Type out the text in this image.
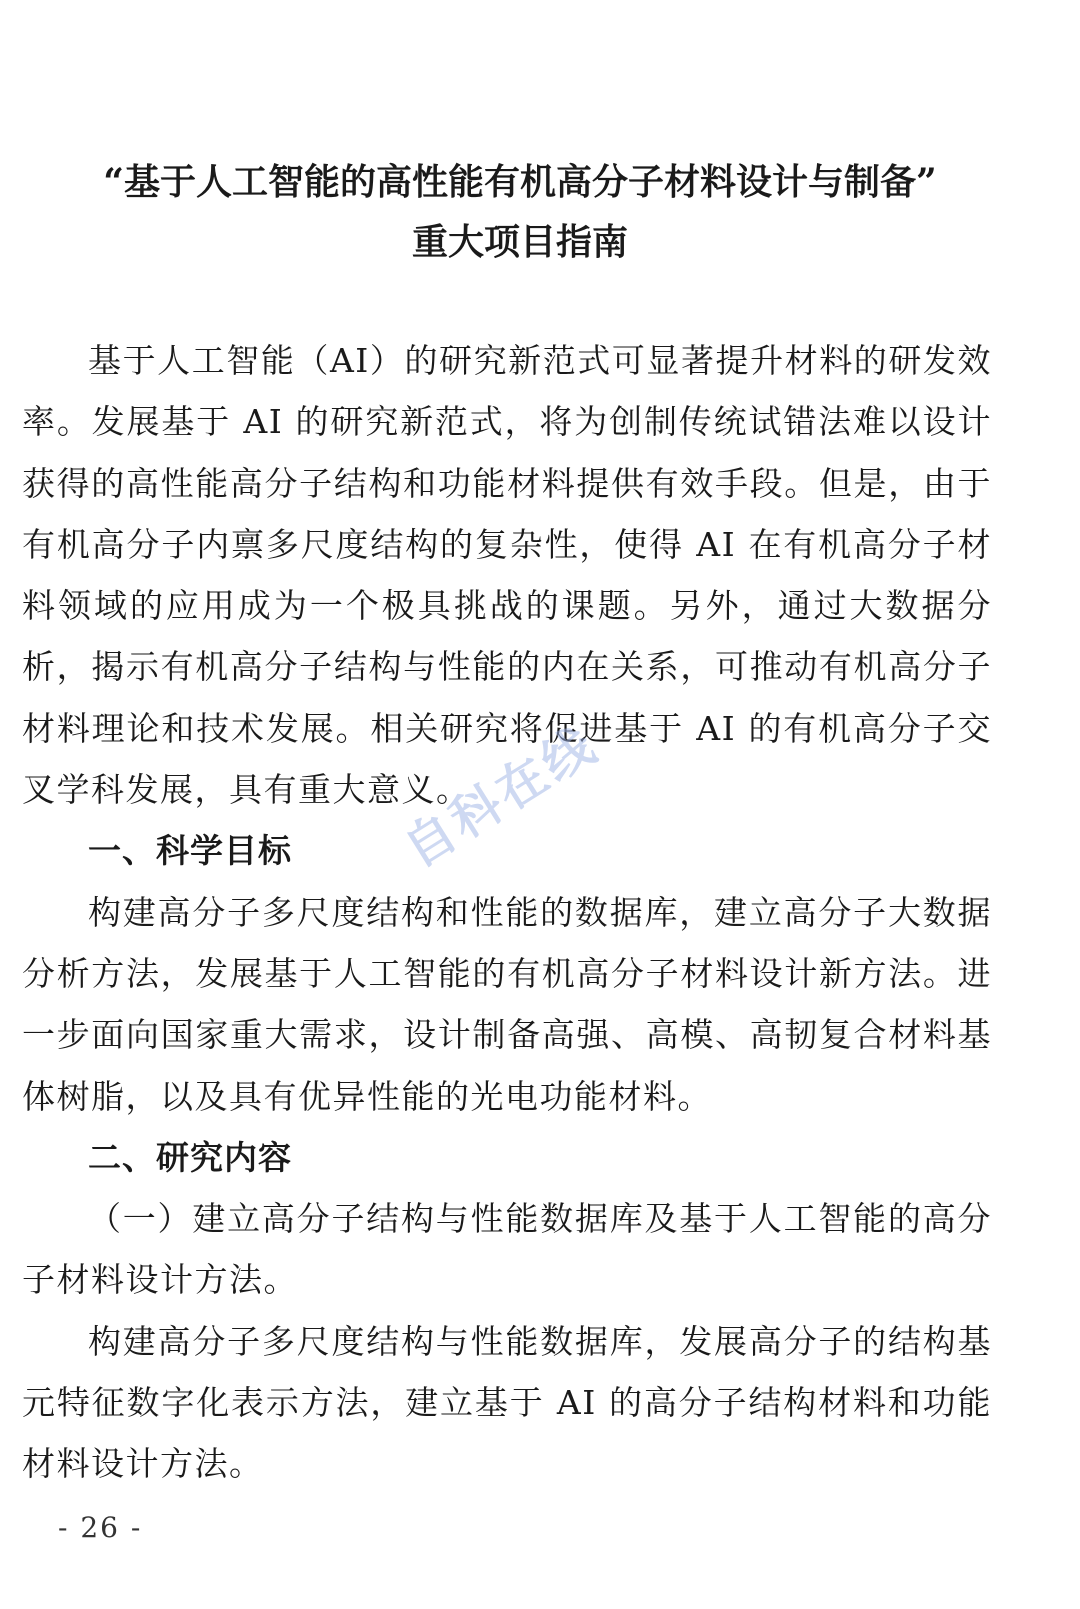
“基于人工智能的高性能有机高分子材料设计与制备”
重大项目指南

基于人工智能（AI）的研究新范式可显著提升材料的研发效率。发展基于 AI 的研究新范式，将为创制传统试错法难以设计获得的高性能高分子结构和功能材料提供有效手段。但是，由于有机高分子内禀多尺度结构的复杂性，使得 AI 在有机高分子材料领域的应用成为一个极具挑战的课题。另外，通过大数据分析，揭示有机高分子结构与性能的内在关系，可推动有机高分子材料理论和技术发展。相关研究将促进基于 AI 的有机高分子交叉学科发展，具有重大意义。

一、科学目标

构建高分子多尺度结构和性能的数据库，建立高分子大数据分析方法，发展基于人工智能的有机高分子材料设计新方法。进一步面向国家重大需求，设计制备高强、高模、高韧复合材料基体树脂，以及具有优异性能的光电功能材料。

二、研究内容

（一）建立高分子结构与性能数据库及基于人工智能的高分子材料设计方法。

构建高分子多尺度结构与性能数据库，发展高分子的结构基元特征数字化表示方法，建立基于 AI 的高分子结构材料和功能材料设计方法。

自科在线
- 26 -
